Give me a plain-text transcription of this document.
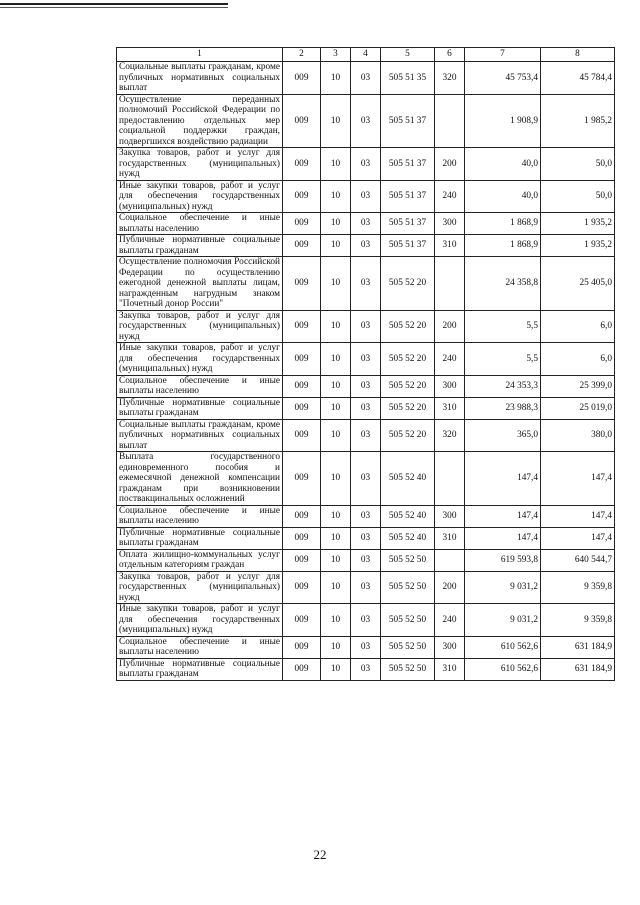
1	2	3	4	5	6	7	8
Социальные выплаты гражданам, кроме публичных нормативных социальных выплат	009	10	03	505 51 35	320	45 753,4	45 784,4
Осуществление переданных полномочий Российской Федерации по предоставлению отдельных мер социальной поддержки граждан, подвергшихся воздействию радиации	009	10	03	505 51 37		1 908,9	1 985,2
Закупка товаров, работ и услуг для государственных (муниципальных) нужд	009	10	03	505 51 37	200	40,0	50,0
Иные закупки товаров, работ и услуг для обеспечения государственных (муниципальных) нужд	009	10	03	505 51 37	240	40,0	50,0
Социальное обеспечение и иные выплаты населению	009	10	03	505 51 37	300	1 868,9	1 935,2
Публичные нормативные социальные выплаты гражданам	009	10	03	505 51 37	310	1 868,9	1 935,2
Осуществление полномочия Российской Федерации по осуществлению ежегодной денежной выплаты лицам, награжденным нагрудным знаком "Почетный донор России"	009	10	03	505 52 20		24 358,8	25 405,0
Закупка товаров, работ и услуг для государственных (муниципальных) нужд	009	10	03	505 52 20	200	5,5	6,0
Иные закупки товаров, работ и услуг для обеспечения государственных (муниципальных) нужд	009	10	03	505 52 20	240	5,5	6,0
Социальное обеспечение и иные выплаты населению	009	10	03	505 52 20	300	24 353,3	25 399,0
Публичные нормативные социальные выплаты гражданам	009	10	03	505 52 20	310	23 988,3	25 019,0
Социальные выплаты гражданам, кроме публичных нормативных социальных выплат	009	10	03	505 52 20	320	365,0	380,0
Выплата государственного единовременного пособия и ежемесячной денежной компенсации гражданам при возникновении поствакцинальных осложнений	009	10	03	505 52 40		147,4	147,4
Социальное обеспечение и иные выплаты населению	009	10	03	505 52 40	300	147,4	147,4
Публичные нормативные социальные выплаты гражданам	009	10	03	505 52 40	310	147,4	147,4
Оплата жилищно-коммунальных услуг отдельным категориям граждан	009	10	03	505 52 50		619 593,8	640 544,7
Закупка товаров, работ и услуг для государственных (муниципальных) нужд	009	10	03	505 52 50	200	9 031,2	9 359,8
Иные закупки товаров, работ и услуг для обеспечения государственных (муниципальных) нужд	009	10	03	505 52 50	240	9 031,2	9 359,8
Социальное обеспечение и иные выплаты населению	009	10	03	505 52 50	300	610 562,6	631 184,9
Публичные нормативные социальные выплаты гражданам	009	10	03	505 52 50	310	610 562,6	631 184,9
22
